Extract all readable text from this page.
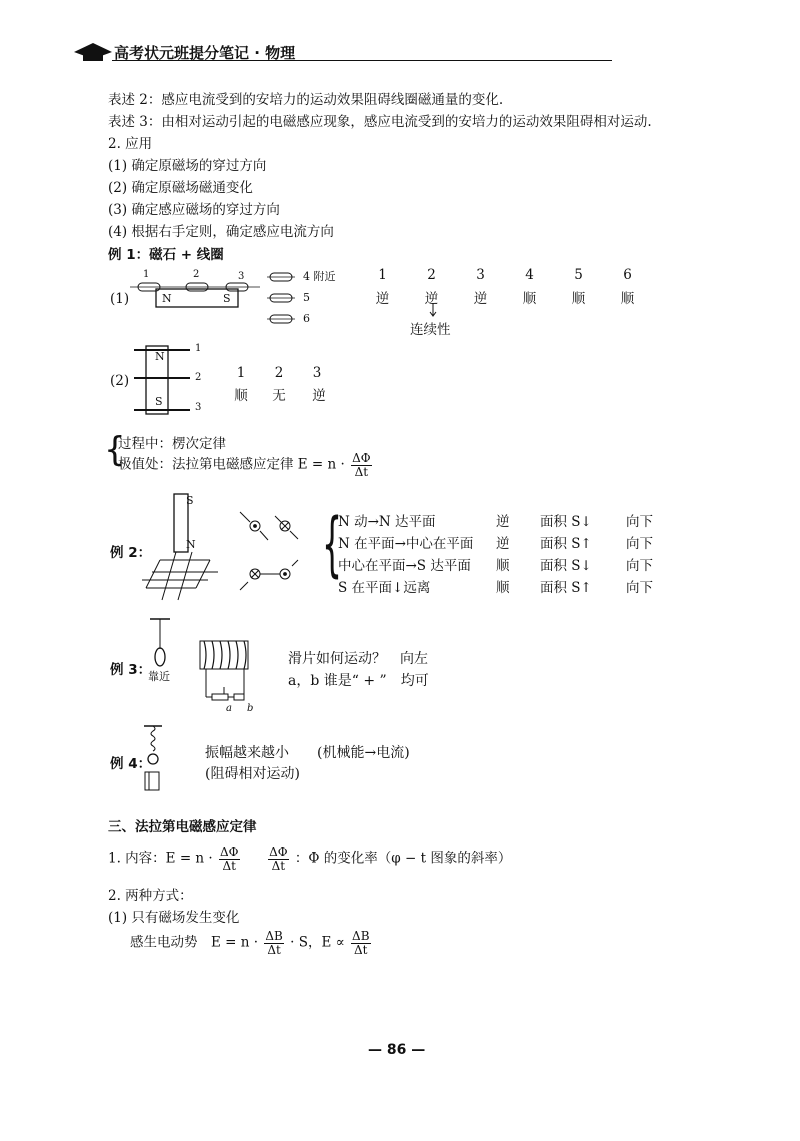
高考状元班提分笔记 · 物理
表述 2：感应电流受到的安培力的运动效果阻碍线圈磁通量的变化.
表述 3：由相对运动引起的电磁感应现象，感应电流受到的安培力的运动效果阻碍相对运动.
2. 应用
(1) 确定原磁场的穿过方向
(2) 确定原磁场磁通变化
(3) 确定感应磁场的穿过方向
(4) 根据右手定则，确定感应电流方向
例 1：磁石 + 线圈
(1)	N	S
1	2	3	4 附近
5
6
1	2	3	4	5	6
逆	逆	逆	顺	顺	顺
连续性
(2)
N
S
1
2
3
1 2 3
顺 无 逆
{
过程中：楞次定律
极值处：法拉第电磁感应定律 $E = n \cdot \frac{\Delta\Phi}{\Delta t}$
例 2：
S
N {
N 动→N 达平面	逆 面积 S↓	向下
N 在平面→中心在平面 逆 面积 S↑	向下
中心在平面→S 达平面 顺 面积 S↓	向下
S 在平面↓远离	顺 面积 S↑	向下
例 3：
靠近
a b
滑片如何运动？　向左
a，b 谁是“ + ”　均可
例 4：
振幅越来越小　　(机械能→电流)
(阻碍相对运动)
三、法拉第电磁感应定律
1. 内容：$E = n \cdot \frac{\Delta\Phi}{\Delta t}$
$\frac{\Delta\Phi}{\Delta t}$ ：Φ 的变化率（φ − t 图象的斜率）
2. 两种方式：
(1) 只有磁场发生变化
感生电动势　$E = n \cdot \frac{\Delta B}{\Delta t} \cdot S$，$E \propto \frac{\Delta B}{\Delta t}$
— 86 —
